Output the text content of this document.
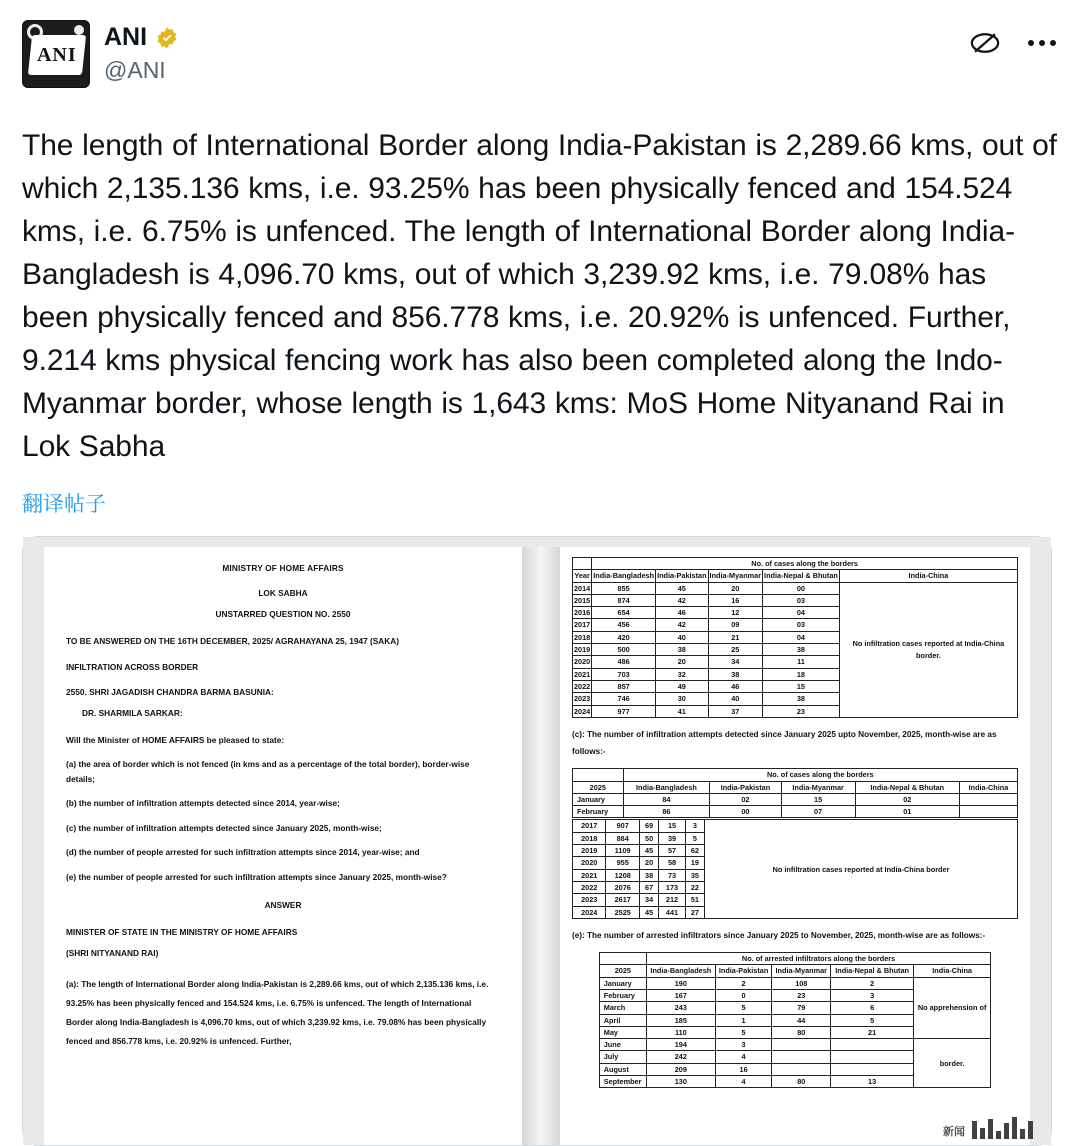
ANI
ANI
@ANI
The length of International Border along India-Pakistan is 2,289.66 kms, out of which 2,135.136 kms, i.e. 93.25% has been physically fenced and 154.524 kms, i.e. 6.75% is unfenced. The length of International Border along India-Bangladesh is 4,096.70 kms, out of which 3,239.92 kms, i.e. 79.08% has been physically fenced and 856.778 kms, i.e. 20.92% is unfenced. Further, 9.214 kms physical fencing work has also been completed along the Indo-Myanmar border, whose length is 1,643 kms: MoS Home Nityanand Rai in Lok Sabha
翻译帖子
MINISTRY OF HOME AFFAIRS
LOK SABHA
UNSTARRED QUESTION NO. 2550
TO BE ANSWERED ON THE 16TH DECEMBER, 2025/ AGRAHAYANA 25, 1947 (SAKA)
INFILTRATION ACROSS BORDER
2550. SHRI JAGADISH CHANDRA BARMA BASUNIA:
DR. SHARMILA SARKAR:
Will the Minister of HOME AFFAIRS be pleased to state:
(a) the area of border which is not fenced (in kms and as a percentage of the total border), border-wise details;
(b) the number of infiltration attempts detected since 2014, year-wise;
(c) the number of infiltration attempts detected since January 2025, month-wise;
(d) the number of people arrested for such infiltration attempts since 2014, year-wise; and
(e) the number of people arrested for such infiltration attempts since January 2025, month-wise?
ANSWER
MINISTER OF STATE IN THE MINISTRY OF HOME AFFAIRS
(SHRI NITYANAND RAI)
(a): The length of International Border along India-Pakistan is 2,289.66 kms, out of which 2,135.136 kms, i.e. 93.25% has been physically fenced and 154.524 kms, i.e. 6.75% is unfenced. The length of International Border along India-Bangladesh is 4,096.70 kms, out of which 3,239.92 kms, i.e. 79.08% has been physically fenced and 856.778 kms, i.e. 20.92% is unfenced. Further,
	No. of cases along the borders				
Year	India-Bangladesh	India-Pakistan	India-Myanmar	India-Nepal & Bhutan	India-China
2014	855	45	20	00	No infiltration cases reported at India-China border.
2015	874	42	16	03	
2016	654	46	12	04	
2017	456	42	09	03	
2018	420	40	21	04	
2019	500	38	25	38	
2020	486	20	34	11	
2021	703	32	38	18	
2022	857	49	46	15	
2023	746	30	40	38	
2024	977	41	37	23	
(c): The number of infiltration attempts detected since January 2025 upto November, 2025, month-wise are as follows:-
	No. of cases along the borders				
2025	India-Bangladesh	India-Pakistan	India-Myanmar	India-Nepal & Bhutan	India-China
January	84	02	15	02	
February	86	00	07	01	
2017	907	69	15	3	No infiltration cases reported at India-China border
2018	884	50	39	5	
2019	1109	45	57	62	
2020	955	20	58	19	
2021	1208	38	73	35	
2022	2076	67	173	22	
2023	2617	34	212	51	
2024	2525	45	441	27	
(e): The number of arrested infiltrators since January 2025 to November, 2025, month-wise are as follows:-
	No. of arrested infiltrators along the borders				
2025	India-Bangladesh	India-Pakistan	India-Myanmar	India-Nepal & Bhutan	India-China
January	190	2	108	2	No apprehension of
February	167	0	23	3	
March	243	5	79	6	
April	185	1	44	5	
May	110	5	80	21	
June	194	3			border.
July	242	4			
August	209	16			
September	130	4	80	13	
新闻
